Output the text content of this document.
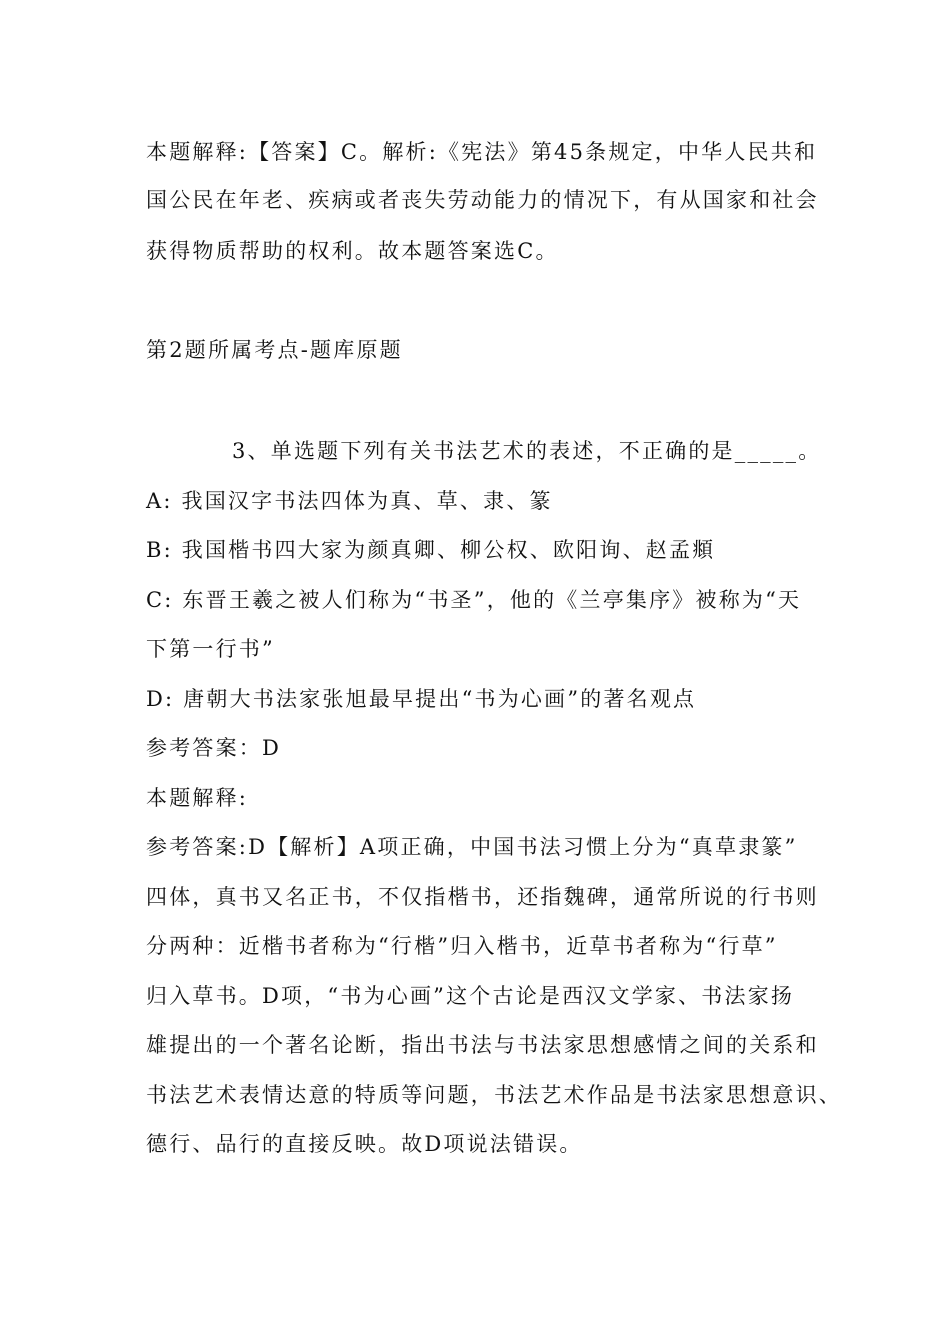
本题解释:【答案】C。解析:《宪法》第45条规定，中华人民共和
国公民在年老、疾病或者丧失劳动能力的情况下，有从国家和社会
获得物质帮助的权利。故本题答案选C。
第2题所属考点-题库原题
3、单选题下列有关书法艺术的表述，不正确的是_____。
A: 我国汉字书法四体为真、草、隶、篆
B: 我国楷书四大家为颜真卿、柳公权、欧阳询、赵孟頫
C: 东晋王羲之被人们称为“书圣”，他的《兰亭集序》被称为“天
下第一行书”
D: 唐朝大书法家张旭最早提出“书为心画”的著名观点
参考答案：D
本题解释:
参考答案:D【解析】A项正确，中国书法习惯上分为“真草隶篆”
四体，真书又名正书，不仅指楷书，还指魏碑，通常所说的行书则
分两种：近楷书者称为“行楷”归入楷书，近草书者称为“行草”
归入草书。D项，“书为心画”这个古论是西汉文学家、书法家扬
雄提出的一个著名论断，指出书法与书法家思想感情之间的关系和
书法艺术表情达意的特质等问题，书法艺术作品是书法家思想意识、
德行、品行的直接反映。故D项说法错误。
